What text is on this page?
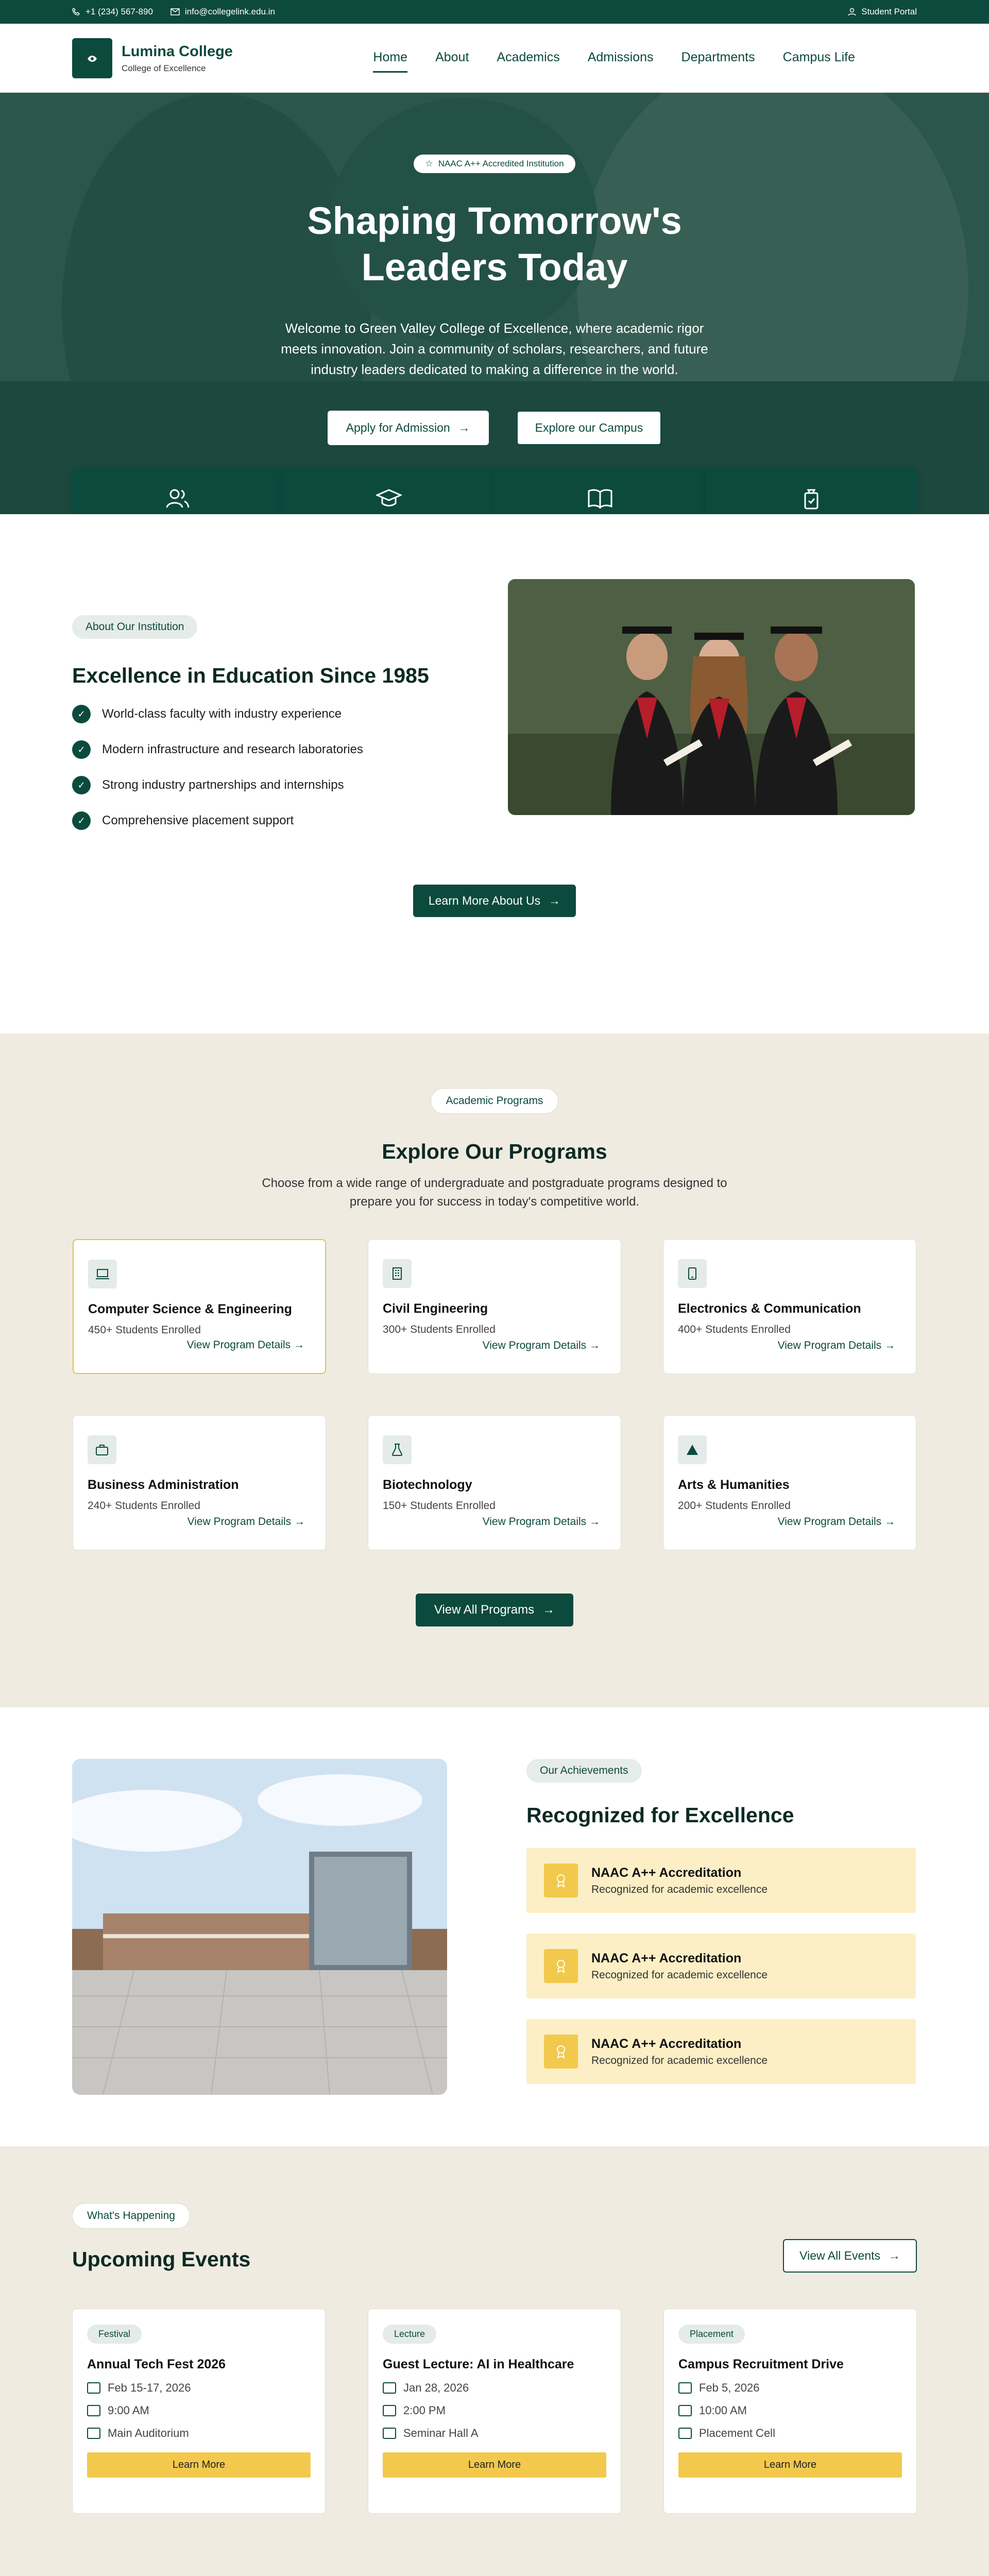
+1 (234) 567-890	info@collegelink.edu.in	Student Portal
Lumina College
College of Excellence
Home About Academics Admissions Departments Campus Life
☆ NAAC A++ Accredited Institution
Shaping Tomorrow's
Leaders Today

Welcome to Green Valley College of Excellence, where academic rigor meets innovation. Join a community of scholars, researchers, and future industry leaders dedicated to making a difference in the world.

Apply for Admission →	Explore our Campus
About Our Institution
Excellence in Education Since 1985
✓	World-class faculty with industry experience
✓	Modern infrastructure and research laboratories
✓	Strong industry partnerships and internships
✓	Comprehensive placement support
Learn More About Us →
Academic Programs
Explore Our Programs

Choose from a wide range of undergraduate and postgraduate programs designed to prepare you for success in today's competitive world.

Computer Science & Engineering
450+ Students Enrolled
View Program Details →
Civil Engineering
300+ Students Enrolled
View Program Details →
Electronics & Communication
400+ Students Enrolled
View Program Details →
Business Administration
240+ Students Enrolled
View Program Details →
Biotechnology
150+ Students Enrolled
View Program Details →
Arts & Humanities
200+ Students Enrolled
View Program Details →
View All Programs →
Our Achievements
Recognized for Excellence
NAAC A++ Accreditation
Recognized for academic excellence
NAAC A++ Accreditation
Recognized for academic excellence
NAAC A++ Accreditation
Recognized for academic excellence
What's Happening
Upcoming Events	View All Events →
Festival
Annual Tech Fest 2026
Feb 15-17, 2026
9:00 AM
Main Auditorium
Learn More
Lecture
Guest Lecture: AI in Healthcare
Jan 28, 2026
2:00 PM
Seminar Hall A
Learn More
Placement
Campus Recruitment Drive
Feb 5, 2026
10:00 AM
Placement Cell
Learn More
